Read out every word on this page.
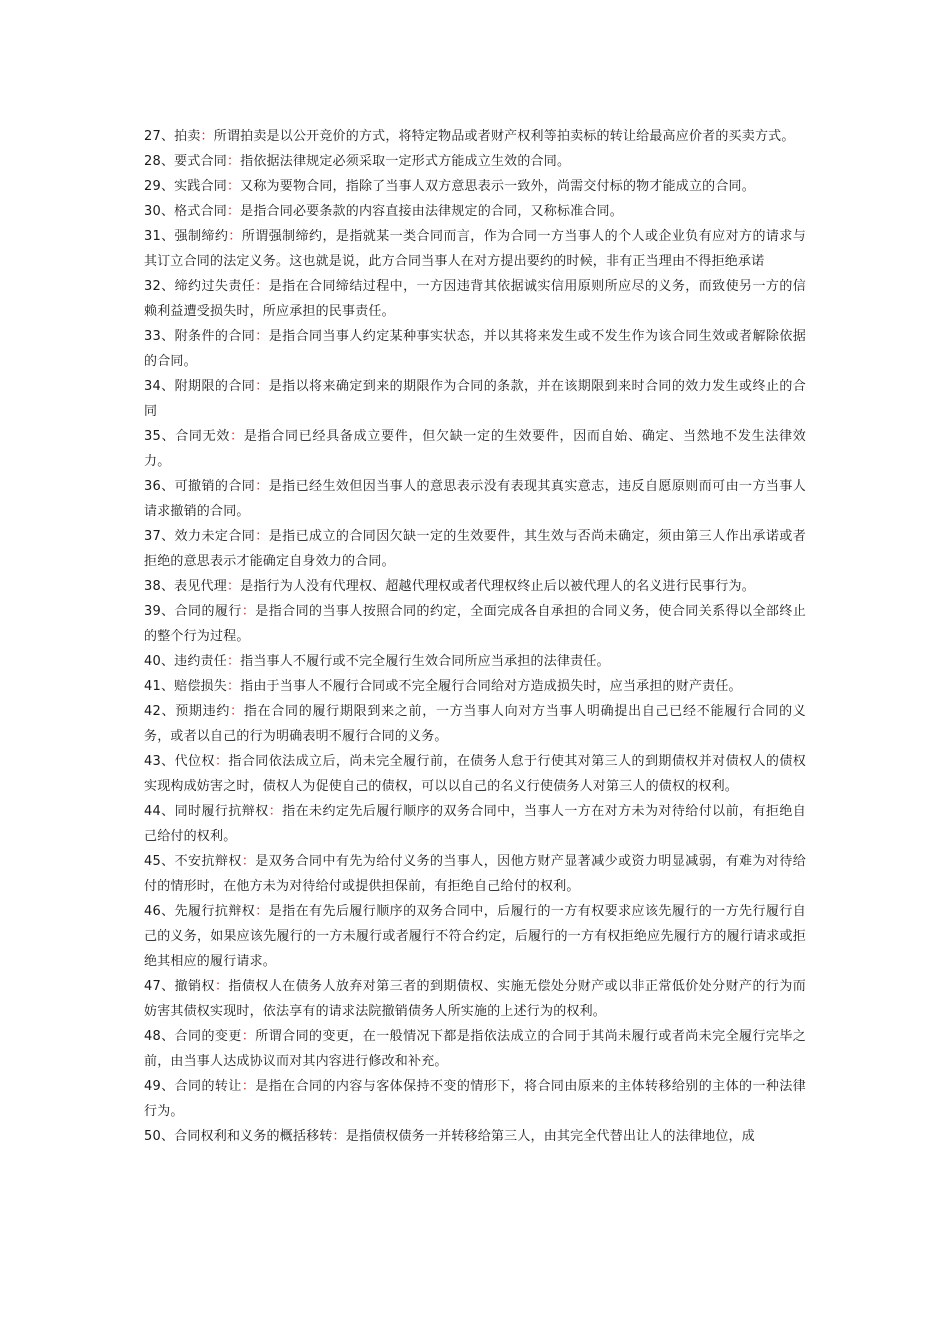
27、拍卖：所谓拍卖是以公开竞价的方式，将特定物品或者财产权利等拍卖标的转让给最高应价者的买卖方式。

28、要式合同：指依据法律规定必须采取一定形式方能成立生效的合同。

29、实践合同：又称为要物合同，指除了当事人双方意思表示一致外，尚需交付标的物才能成立的合同。

30、格式合同：是指合同必要条款的内容直接由法律规定的合同，又称标准合同。

31、强制缔约：所谓强制缔约，是指就某一类合同而言，作为合同一方当事人的个人或企业负有应对方的请求与其订立合同的法定义务。这也就是说，此方合同当事人在对方提出要约的时候，非有正当理由不得拒绝承诺

32、缔约过失责任：是指在合同缔结过程中，一方因违背其依据诚实信用原则所应尽的义务，而致使另一方的信赖利益遭受损失时，所应承担的民事责任。

33、附条件的合同：是指合同当事人约定某种事实状态，并以其将来发生或不发生作为该合同生效或者解除依据的合同。

34、附期限的合同：是指以将来确定到来的期限作为合同的条款，并在该期限到来时合同的效力发生或终止的合同

35、合同无效：是指合同已经具备成立要件，但欠缺一定的生效要件，因而自始、确定、当然地不发生法律效力。

36、可撤销的合同：是指已经生效但因当事人的意思表示没有表现其真实意志，违反自愿原则而可由一方当事人请求撤销的合同。

37、效力未定合同：是指已成立的合同因欠缺一定的生效要件，其生效与否尚未确定，须由第三人作出承诺或者拒绝的意思表示才能确定自身效力的合同。

38、表见代理：是指行为人没有代理权、超越代理权或者代理权终止后以被代理人的名义进行民事行为。

39、合同的履行：是指合同的当事人按照合同的约定，全面完成各自承担的合同义务，使合同关系得以全部终止的整个行为过程。

40、违约责任：指当事人不履行或不完全履行生效合同所应当承担的法律责任。

41、赔偿损失：指由于当事人不履行合同或不完全履行合同给对方造成损失时，应当承担的财产责任。

42、预期违约：指在合同的履行期限到来之前，一方当事人向对方当事人明确提出自己已经不能履行合同的义务，或者以自己的行为明确表明不履行合同的义务。

43、代位权：指合同依法成立后，尚未完全履行前，在债务人怠于行使其对第三人的到期债权并对债权人的债权实现构成妨害之时，债权人为促使自己的债权，可以以自己的名义行使债务人对第三人的债权的权利。

44、同时履行抗辩权：指在未约定先后履行顺序的双务合同中，当事人一方在对方未为对待给付以前，有拒绝自己给付的权利。

45、不安抗辩权：是双务合同中有先为给付义务的当事人，因他方财产显著减少或资力明显减弱，有难为对待给付的情形时，在他方未为对待给付或提供担保前，有拒绝自己给付的权利。

46、先履行抗辩权：是指在有先后履行顺序的双务合同中，后履行的一方有权要求应该先履行的一方先行履行自己的义务，如果应该先履行的一方未履行或者履行不符合约定，后履行的一方有权拒绝应先履行方的履行请求或拒绝其相应的履行请求。

47、撤销权：指债权人在债务人放弃对第三者的到期债权、实施无偿处分财产或以非正常低价处分财产的行为而妨害其债权实现时，依法享有的请求法院撤销债务人所实施的上述行为的权利。

48、合同的变更：所谓合同的变更，在一般情况下都是指依法成立的合同于其尚未履行或者尚未完全履行完毕之前，由当事人达成协议而对其内容进行修改和补充。

49、合同的转让：是指在合同的内容与客体保持不变的情形下，将合同由原来的主体转移给别的主体的一种法律行为。

50、合同权利和义务的概括移转：是指债权债务一并转移给第三人，由其完全代替出让人的法律地位，成
